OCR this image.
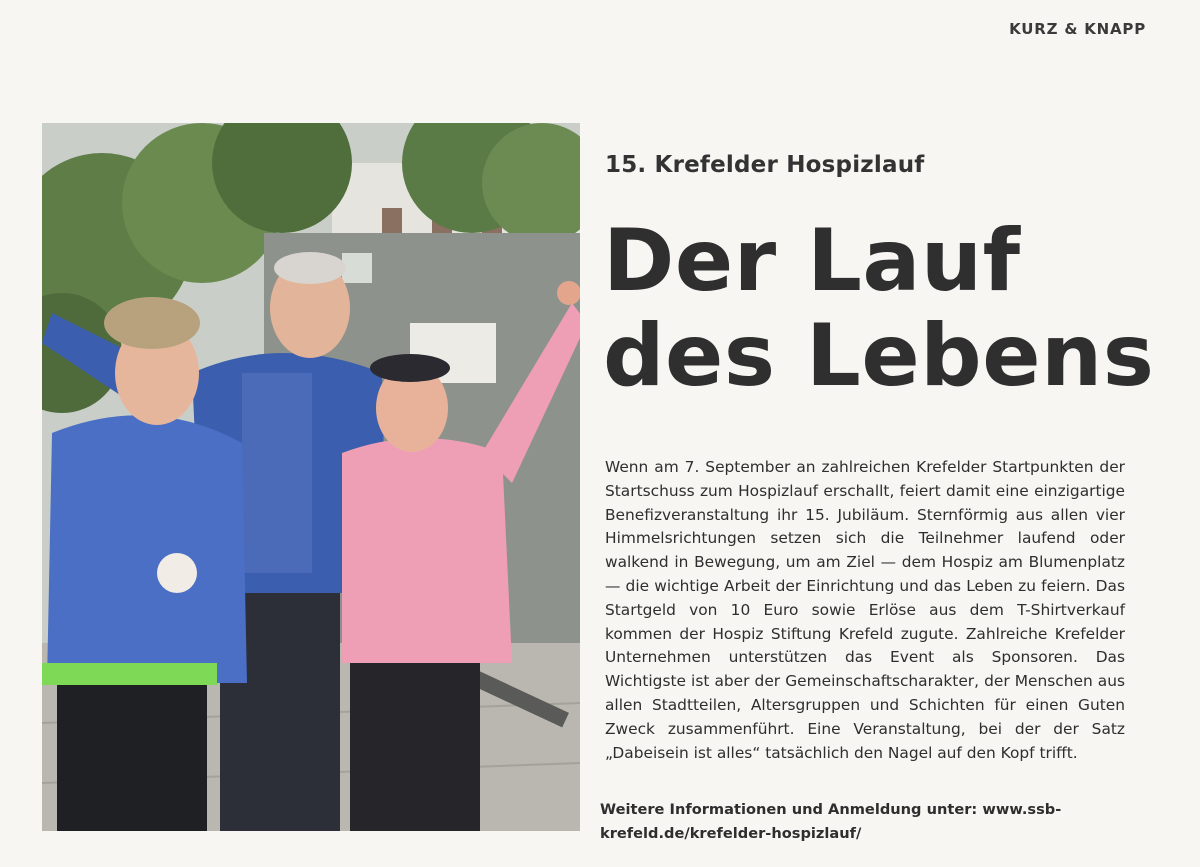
KURZ & KNAPP
15. Krefelder Hospizlauf
Der Lauf
des Lebens
Wenn am 7. September an zahlreichen Krefelder Startpunkten der Startschuss zum Hospizlauf erschallt, feiert damit eine einzigartige Benefizveranstaltung ihr 15. Jubiläum. Sternförmig aus allen vier Himmelsrichtungen setzen sich die Teilnehmer laufend oder walkend in Bewegung, um am Ziel — dem Hospiz am Blumenplatz — die wichtige Arbeit der Einrichtung und das Leben zu feiern. Das Startgeld von 10 Euro sowie Erlöse aus dem T-Shirtverkauf kommen der Hospiz Stiftung Krefeld zugute. Zahlreiche Krefelder Unternehmen unterstützen das Event als Sponsoren. Das Wichtigste ist aber der Gemeinschaftscharakter, der Menschen aus allen Stadtteilen, Altersgruppen und Schichten für einen Guten Zweck zusammenführt. Eine Veranstaltung, bei der der Satz „Dabeisein ist alles“ tatsächlich den Nagel auf den Kopf trifft.
Weitere Informationen und Anmeldung unter: www.ssb-krefeld.de/krefelder-hospizlauf/
